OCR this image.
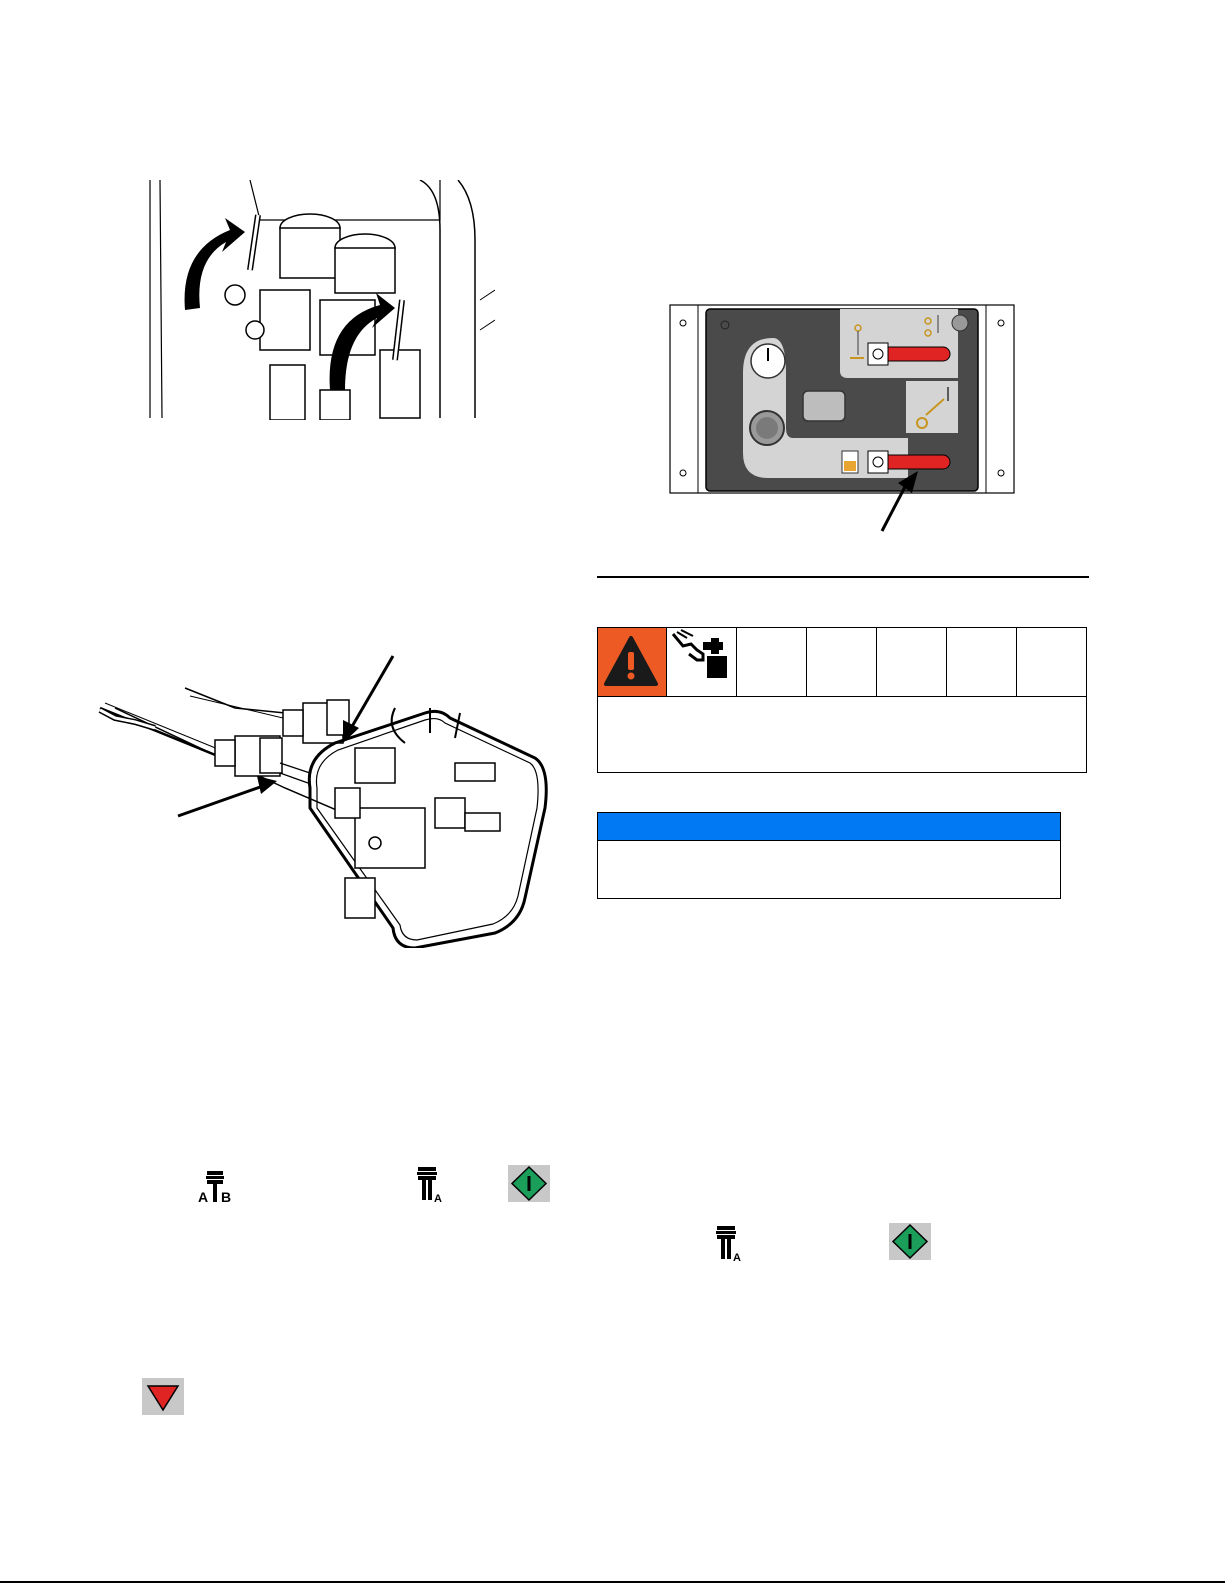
A B	A
A
